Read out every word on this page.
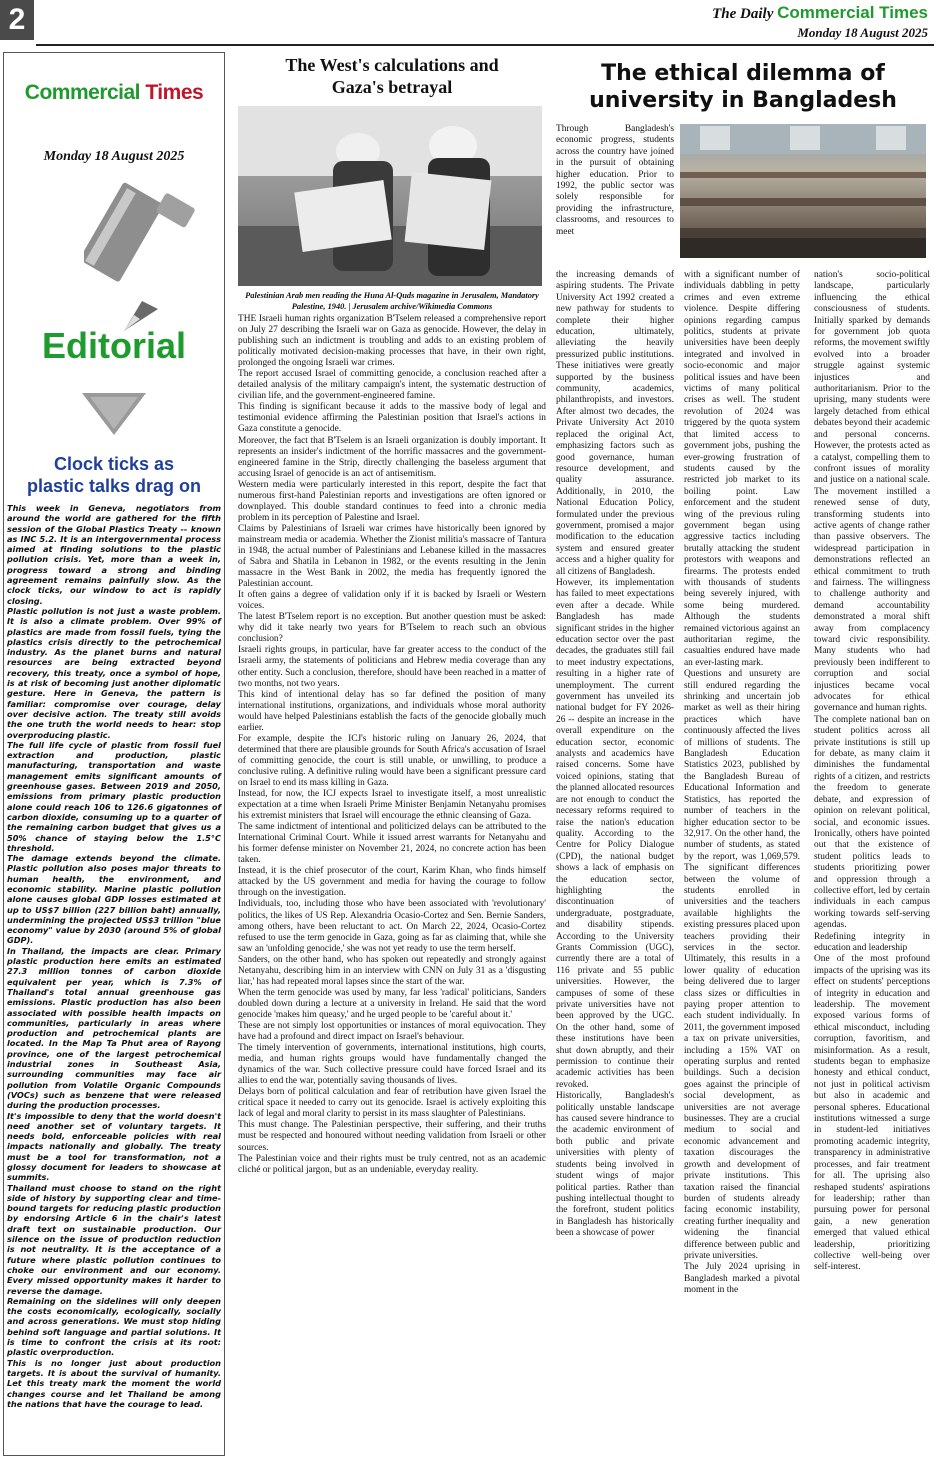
2	The Daily Commercial Times
Monday 18 August 2025
Commercial Times
Monday 18 August 2025
Editorial
Clock ticks as
plastic talks drag on

This week in Geneva, negotiators from around the world are gathered for the fifth session of the Global Plastics Treaty -- known as INC 5.2. It is an intergovernmental process aimed at finding solutions to the plastic pollution crisis. Yet, more than a week in, progress toward a strong and binding agreement remains painfully slow. As the clock ticks, our window to act is rapidly closing.

Plastic pollution is not just a waste problem. It is also a climate problem. Over 99% of plastics are made from fossil fuels, tying the plastics crisis directly to the petrochemical industry. As the planet burns and natural resources are being extracted beyond recovery, this treaty, once a symbol of hope, is at risk of becoming just another diplomatic gesture. Here in Geneva, the pattern is familiar: compromise over courage, delay over decisive action. The treaty still avoids the one truth the world needs to hear: stop overproducing plastic.

The full life cycle of plastic from fossil fuel extraction and production, plastic manufacturing, transportation and waste management emits significant amounts of greenhouse gases. Between 2019 and 2050, emissions from primary plastic production alone could reach 106 to 126.6 gigatonnes of carbon dioxide, consuming up to a quarter of the remaining carbon budget that gives us a 50% chance of staying below the 1.5°C threshold.

The damage extends beyond the climate. Plastic pollution also poses major threats to human health, the environment, and economic stability. Marine plastic pollution alone causes global GDP losses estimated at up to US$7 billion (227 billion baht) annually, undermining the projected US$3 trillion "blue economy" value by 2030 (around 5% of global GDP).

In Thailand, the impacts are clear. Primary plastic production here emits an estimated 27.3 million tonnes of carbon dioxide equivalent per year, which is 7.3% of Thailand's total annual greenhouse gas emissions. Plastic production has also been associated with possible health impacts on communities, particularly in areas where production and petrochemical plants are located. In the Map Ta Phut area of Rayong province, one of the largest petrochemical industrial zones in Southeast Asia, surrounding communities may face air pollution from Volatile Organic Compounds (VOCs) such as benzene that were released during the production processes.

It's impossible to deny that the world doesn't need another set of voluntary targets. It needs bold, enforceable policies with real impacts nationally and globally. The treaty must be a tool for transformation, not a glossy document for leaders to showcase at summits.

Thailand must choose to stand on the right side of history by supporting clear and time-bound targets for reducing plastic production by endorsing Article 6 in the chair's latest draft text on sustainable production. Our silence on the issue of production reduction is not neutrality. It is the acceptance of a future where plastic pollution continues to choke our environment and our economy. Every missed opportunity makes it harder to reverse the damage.

Remaining on the sidelines will only deepen the costs economically, ecologically, socially and across generations. We must stop hiding behind soft language and partial solutions. It is time to confront the crisis at its root: plastic overproduction.

This is no longer just about production targets. It is about the survival of humanity. Let this treaty mark the moment the world changes course and let Thailand be among the nations that have the courage to lead.

The West's calculations and
Gaza's betrayal
Palestinian Arab men reading the Huna Al-Quds magazine in Jerusalem, Mandatory Palestine, 1940. | Jerusalem archive/Wikimedia Commons

THE Israeli human rights organization B'Tselem released a comprehensive report on July 27 describing the Israeli war on Gaza as genocide. However, the delay in publishing such an indictment is troubling and adds to an existing problem of politically motivated decision-making processes that have, in their own right, prolonged the ongoing Israeli war crimes.

The report accused Israel of committing genocide, a conclusion reached after a detailed analysis of the military campaign's intent, the systematic destruction of civilian life, and the government-engineered famine.

This finding is significant because it adds to the massive body of legal and testimonial evidence affirming the Palestinian position that Israel's actions in Gaza constitute a genocide.

Moreover, the fact that B'Tselem is an Israeli organization is doubly important. It represents an insider's indictment of the horrific massacres and the government-engineered famine in the Strip, directly challenging the baseless argument that accusing Israel of genocide is an act of antisemitism.

Western media were particularly interested in this report, despite the fact that numerous first-hand Palestinian reports and investigations are often ignored or downplayed. This double standard continues to feed into a chronic media problem in its perception of Palestine and Israel.

Claims by Palestinians of Israeli war crimes have historically been ignored by mainstream media or academia. Whether the Zionist militia's massacre of Tantura in 1948, the actual number of Palestinians and Lebanese killed in the massacres of Sabra and Shatila in Lebanon in 1982, or the events resulting in the Jenin massacre in the West Bank in 2002, the media has frequently ignored the Palestinian account.

It often gains a degree of validation only if it is backed by Israeli or Western voices.

The latest B'Tselem report is no exception. But another question must be asked: why did it take nearly two years for B'Tselem to reach such an obvious conclusion?

Israeli rights groups, in particular, have far greater access to the conduct of the Israeli army, the statements of politicians and Hebrew media coverage than any other entity. Such a conclusion, therefore, should have been reached in a matter of two months, not two years.

This kind of intentional delay has so far defined the position of many international institutions, organizations, and individuals whose moral authority would have helped Palestinians establish the facts of the genocide globally much earlier.

For example, despite the ICJ's historic ruling on January 26, 2024, that determined that there are plausible grounds for South Africa's accusation of Israel of committing genocide, the court is still unable, or unwilling, to produce a conclusive ruling. A definitive ruling would have been a significant pressure card on Israel to end its mass killing in Gaza.

Instead, for now, the ICJ expects Israel to investigate itself, a most unrealistic expectation at a time when Israeli Prime Minister Benjamin Netanyahu promises his extremist ministers that Israel will encourage the ethnic cleansing of Gaza.

The same indictment of intentional and politicized delays can be attributed to the International Criminal Court. While it issued arrest warrants for Netanyahu and his former defense minister on November 21, 2024, no concrete action has been taken.

Instead, it is the chief prosecutor of the court, Karim Khan, who finds himself attacked by the US government and media for having the courage to follow through on the investigation.

Individuals, too, including those who have been associated with 'revolutionary' politics, the likes of US Rep. Alexandria Ocasio-Cortez and Sen. Bernie Sanders, among others, have been reluctant to act. On March 22, 2024, Ocasio-Cortez refused to use the term genocide in Gaza, going as far as claiming that, while she saw an 'unfolding genocide,' she was not yet ready to use the term herself.

Sanders, on the other hand, who has spoken out repeatedly and strongly against Netanyahu, describing him in an interview with CNN on July 31 as a 'disgusting liar,' has had repeated moral lapses since the start of the war.

When the term genocide was used by many, far less 'radical' politicians, Sanders doubled down during a lecture at a university in Ireland. He said that the word genocide 'makes him queasy,' and he urged people to be 'careful about it.'

These are not simply lost opportunities or instances of moral equivocation. They have had a profound and direct impact on Israel's behaviour.

The timely intervention of governments, international institutions, high courts, media, and human rights groups would have fundamentally changed the dynamics of the war. Such collective pressure could have forced Israel and its allies to end the war, potentially saving thousands of lives.

Delays born of political calculation and fear of retribution have given Israel the critical space it needed to carry out its genocide. Israel is actively exploiting this lack of legal and moral clarity to persist in its mass slaughter of Palestinians.

This must change. The Palestinian perspective, their suffering, and their truths must be respected and honoured without needing validation from Israeli or other sources.

The Palestinian voice and their rights must be truly centred, not as an academic cliché or political jargon, but as an undeniable, everyday reality.

The ethical dilemma of
university in Bangladesh

Through Bangladesh's economic progress, students across the country have joined in the pursuit of obtaining higher education. Prior to 1992, the public sector was solely responsible for providing the infrastructure, classrooms, and resources to meet

the increasing demands of aspiring students. The Private University Act 1992 created a new pathway for students to complete their higher education, ultimately, alleviating the heavily pressurized public institutions. These initiatives were greatly supported by the business community, academics, philanthropists, and investors. After almost two decades, the Private University Act 2010 replaced the original Act, emphasizing factors such as good governance, human resource development, and quality assurance. Additionally, in 2010, the National Education Policy, formulated under the previous government, promised a major modification to the education system and ensured greater access and a higher quality for all citizens of Bangladesh.

However, its implementation has failed to meet expectations even after a decade. While Bangladesh has made significant strides in the higher education sector over the past decades, the graduates still fail to meet industry expectations, resulting in a higher rate of unemployment. The current government has unveiled its national budget for FY 2026-26 -- despite an increase in the overall expenditure on the education sector, economic analysts and academics have raised concerns. Some have voiced opinions, stating that the planned allocated resources are not enough to conduct the necessary reforms required to raise the nation's education quality. According to the Centre for Policy Dialogue (CPD), the national budget shows a lack of emphasis on the education sector, highlighting the discontinuation of undergraduate, postgraduate, and disability stipends. According to the University Grants Commission (UGC), currently there are a total of 116 private and 55 public universities. However, the campuses of some of these private universities have not been approved by the UGC. On the other hand, some of these institutions have been shut down abruptly, and their permission to continue their academic activities has been revoked.

Historically, Bangladesh's politically unstable landscape has caused severe hindrance to the academic environment of both public and private universities with plenty of students being involved in student wings of major political parties. Rather than pushing intellectual thought to the forefront, student politics in Bangladesh has historically been a showcase of power

with a significant number of individuals dabbling in petty crimes and even extreme violence. Despite differing opinions regarding campus politics, students at private universities have been deeply integrated and involved in socio-economic and major political issues and have been victims of many political crises as well. The student revolution of 2024 was triggered by the quota system that limited access to government jobs, pushing the ever-growing frustration of students caused by the restricted job market to its boiling point. Law enforcement and the student wing of the previous ruling government began using aggressive tactics including brutally attacking the student protestors with weapons and firearms. The protests ended with thousands of students being severely injured, with some being murdered. Although the students remained victorious against an authoritarian regime, the casualties endured have made an ever-lasting mark.

Questions and unsurety are still endured regarding the shrinking and uncertain job market as well as their hiring practices which have continuously affected the lives of millions of students. The Bangladesh Education Statistics 2023, published by the Bangladesh Bureau of Educational Information and Statistics, has reported the number of teachers in the higher education sector to be 32,917. On the other hand, the number of students, as stated by the report, was 1,069,579. The significant differences between the volume of students enrolled in universities and the teachers available highlights the existing pressures placed upon teachers providing their services in the sector. Ultimately, this results in a lower quality of education being delivered due to larger class sizes or difficulties in paying proper attention to each student individually. In 2011, the government imposed a tax on private universities, including a 15% VAT on operating surplus and rented buildings. Such a decision goes against the principle of social development, as universities are not average businesses. They are a crucial medium to social and economic advancement and taxation discourages the growth and development of private institutions. This taxation raised the financial burden of students already facing economic instability, creating further inequality and widening the financial difference between public and private universities.

The July 2024 uprising in Bangladesh marked a pivotal moment in the

nation's socio-political landscape, particularly influencing the ethical consciousness of students. Initially sparked by demands for government job quota reforms, the movement swiftly evolved into a broader struggle against systemic injustices and authoritarianism. Prior to the uprising, many students were largely detached from ethical debates beyond their academic and personal concerns. However, the protests acted as a catalyst, compelling them to confront issues of morality and justice on a national scale. The movement instilled a renewed sense of duty, transforming students into active agents of change rather than passive observers. The widespread participation in demonstrations reflected an ethical commitment to truth and fairness. The willingness to challenge authority and demand accountability demonstrated a moral shift away from complacency toward civic responsibility. Many students who had previously been indifferent to corruption and social injustices became vocal advocates for ethical governance and human rights.

The complete national ban on student politics across all private institutions is still up for debate, as many claim it diminishes the fundamental rights of a citizen, and restricts the freedom to generate debate, and expression of opinion on relevant political, social, and economic issues. Ironically, others have pointed out that the existence of student politics leads to students prioritizing power and oppression through a collective effort, led by certain individuals in each campus working towards self-serving agendas.

Redefining integrity in education and leadership

One of the most profound impacts of the uprising was its effect on students' perceptions of integrity in education and leadership. The movement exposed various forms of ethical misconduct, including corruption, favoritism, and misinformation. As a result, students began to emphasize honesty and ethical conduct, not just in political activism but also in academic and personal spheres. Educational institutions witnessed a surge in student-led initiatives promoting academic integrity, transparency in administrative processes, and fair treatment for all. The uprising also reshaped students' aspirations for leadership; rather than pursuing power for personal gain, a new generation emerged that valued ethical leadership, prioritizing collective well-being over self-interest.
